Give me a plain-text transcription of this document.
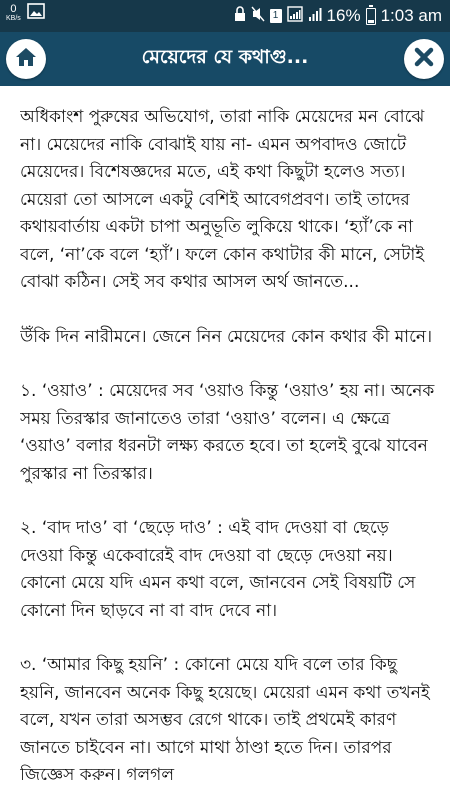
0
KB/s	1	16% 1:03 am
মেয়েদের যে কথাগু...

অধিকাংশ পুরুষের অভিযোগ, তারা নাকি মেয়েদের মন বোঝে না। মেয়েদের নাকি বোঝাই যায় না- এমন অপবাদও জোটে মেয়েদের। বিশেষজ্ঞদের মতে, এই কথা কিছুটা হলেও সত্য। মেয়েরা তো আসলে একটু বেশিই আবেগপ্রবণ। তাই তাদের কথায়বার্তায় একটা চাপা অনুভূতি লুকিয়ে থাকে। ‘হ্যাঁ’কে না বলে, ‘না’কে বলে ‘হ্যাঁ’। ফলে কোন কথাটার কী মানে, সেটাই বোঝা কঠিন। সেই সব কথার আসল অর্থ জানতে...

উঁকি দিন নারীমনে। জেনে নিন মেয়েদের কোন কথার কী মানে।

১. ‘ওয়াও’ : মেয়েদের সব ‘ওয়াও কিন্তু ‘ওয়াও’ হয় না। অনেক সময় তিরস্কার জানাতেও তারা ‘ওয়াও’ বলেন। এ ক্ষেত্রে ‘ওয়াও’ বলার ধরনটা লক্ষ্য করতে হবে। তা হলেই বুঝে যাবেন পুরস্কার না তিরস্কার।

২. ‘বাদ দাও’ বা ‘ছেড়ে দাও’ : এই বাদ দেওয়া বা ছেড়ে দেওয়া কিন্তু একেবারেই বাদ দেওয়া বা ছেড়ে দেওয়া নয়। কোনো মেয়ে যদি এমন কথা বলে, জানবেন সেই বিষয়টি সে কোনো দিন ছাড়বে না বা বাদ দেবে না।

৩. ‘আমার কিছু হয়নি’ : কোনো মেয়ে যদি বলে তার কিছু হয়নি, জানবেন অনেক কিছু হয়েছে। মেয়েরা এমন কথা তখনই বলে, যখন তারা অসম্ভব রেগে থাকে। তাই প্রথমেই কারণ জানতে চাইবেন না। আগে মাথা ঠাণ্ডা হতে দিন। তারপর জিজ্ঞেস করুন। গলগল
